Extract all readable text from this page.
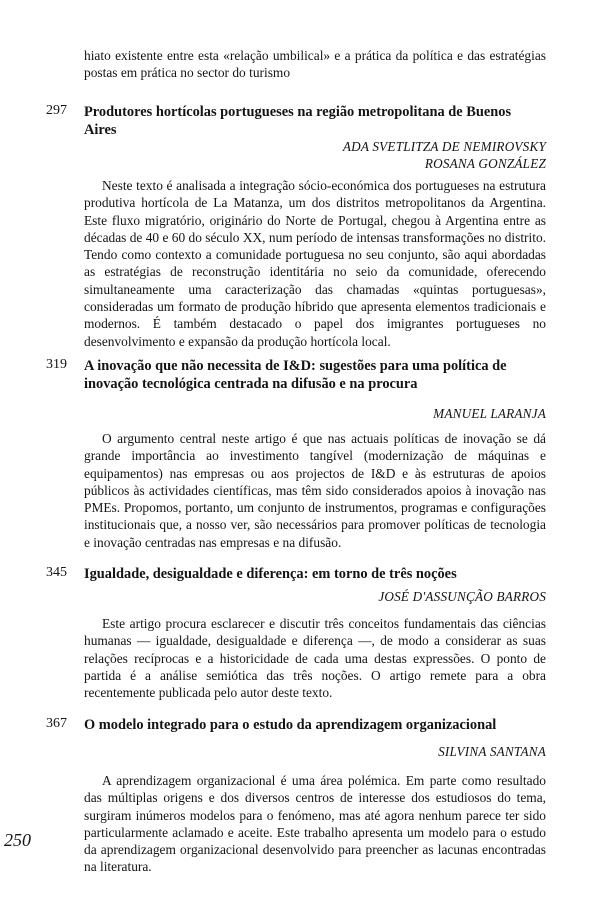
hiato existente entre esta «relação umbilical» e a prática da política e das estratégias postas em prática no sector do turismo
297 Produtores hortícolas portugueses na região metropolitana de Buenos Aires
ADA SVETLITZA DE NEMIROVSKY
ROSANA GONZÁLEZ

Neste texto é analisada a integração sócio-económica dos portugueses na estrutura produtiva hortícola de La Matanza, um dos distritos metropolitanos da Argentina. Este fluxo migratório, originário do Norte de Portugal, chegou à Argentina entre as décadas de 40 e 60 do século XX, num período de intensas transformações no distrito. Tendo como contexto a comunidade portuguesa no seu conjunto, são aqui abordadas as estratégias de reconstrução identitária no seio da comunidade, oferecendo simultaneamente uma caracterização das chamadas «quintas portuguesas», consideradas um formato de produção híbrido que apresenta elementos tradicionais e modernos. É também destacado o papel dos imigrantes portugueses no desenvolvimento e expansão da produção hortícola local.

319 A inovação que não necessita de I&D: sugestões para uma política de inovação tecnológica centrada na difusão e na procura
MANUEL LARANJA

O argumento central neste artigo é que nas actuais políticas de inovação se dá grande importância ao investimento tangível (modernização de máquinas e equipamentos) nas empresas ou aos projectos de I&D e às estruturas de apoios públicos às actividades científicas, mas têm sido considerados apoios à inovação nas PMEs. Propomos, portanto, um conjunto de instrumentos, programas e configurações institucionais que, a nosso ver, são necessários para promover políticas de tecnologia e inovação centradas nas empresas e na difusão.

345 Igualdade, desigualdade e diferença: em torno de três noções
JOSÉ D'ASSUNÇÃO BARROS

Este artigo procura esclarecer e discutir três conceitos fundamentais das ciências humanas — igualdade, desigualdade e diferença —, de modo a considerar as suas relações recíprocas e a historicidade de cada uma destas expressões. O ponto de partida é a análise semiótica das três noções. O artigo remete para a obra recentemente publicada pelo autor deste texto.

367 O modelo integrado para o estudo da aprendizagem organizacional
SILVINA SANTANA

A aprendizagem organizacional é uma área polémica. Em parte como resultado das múltiplas origens e dos diversos centros de interesse dos estudiosos do tema, surgiram inúmeros modelos para o fenómeno, mas até agora nenhum parece ter sido particularmente aclamado e aceite. Este trabalho apresenta um modelo para o estudo da aprendizagem organizacional desenvolvido para preencher as lacunas encontradas na literatura.

250
